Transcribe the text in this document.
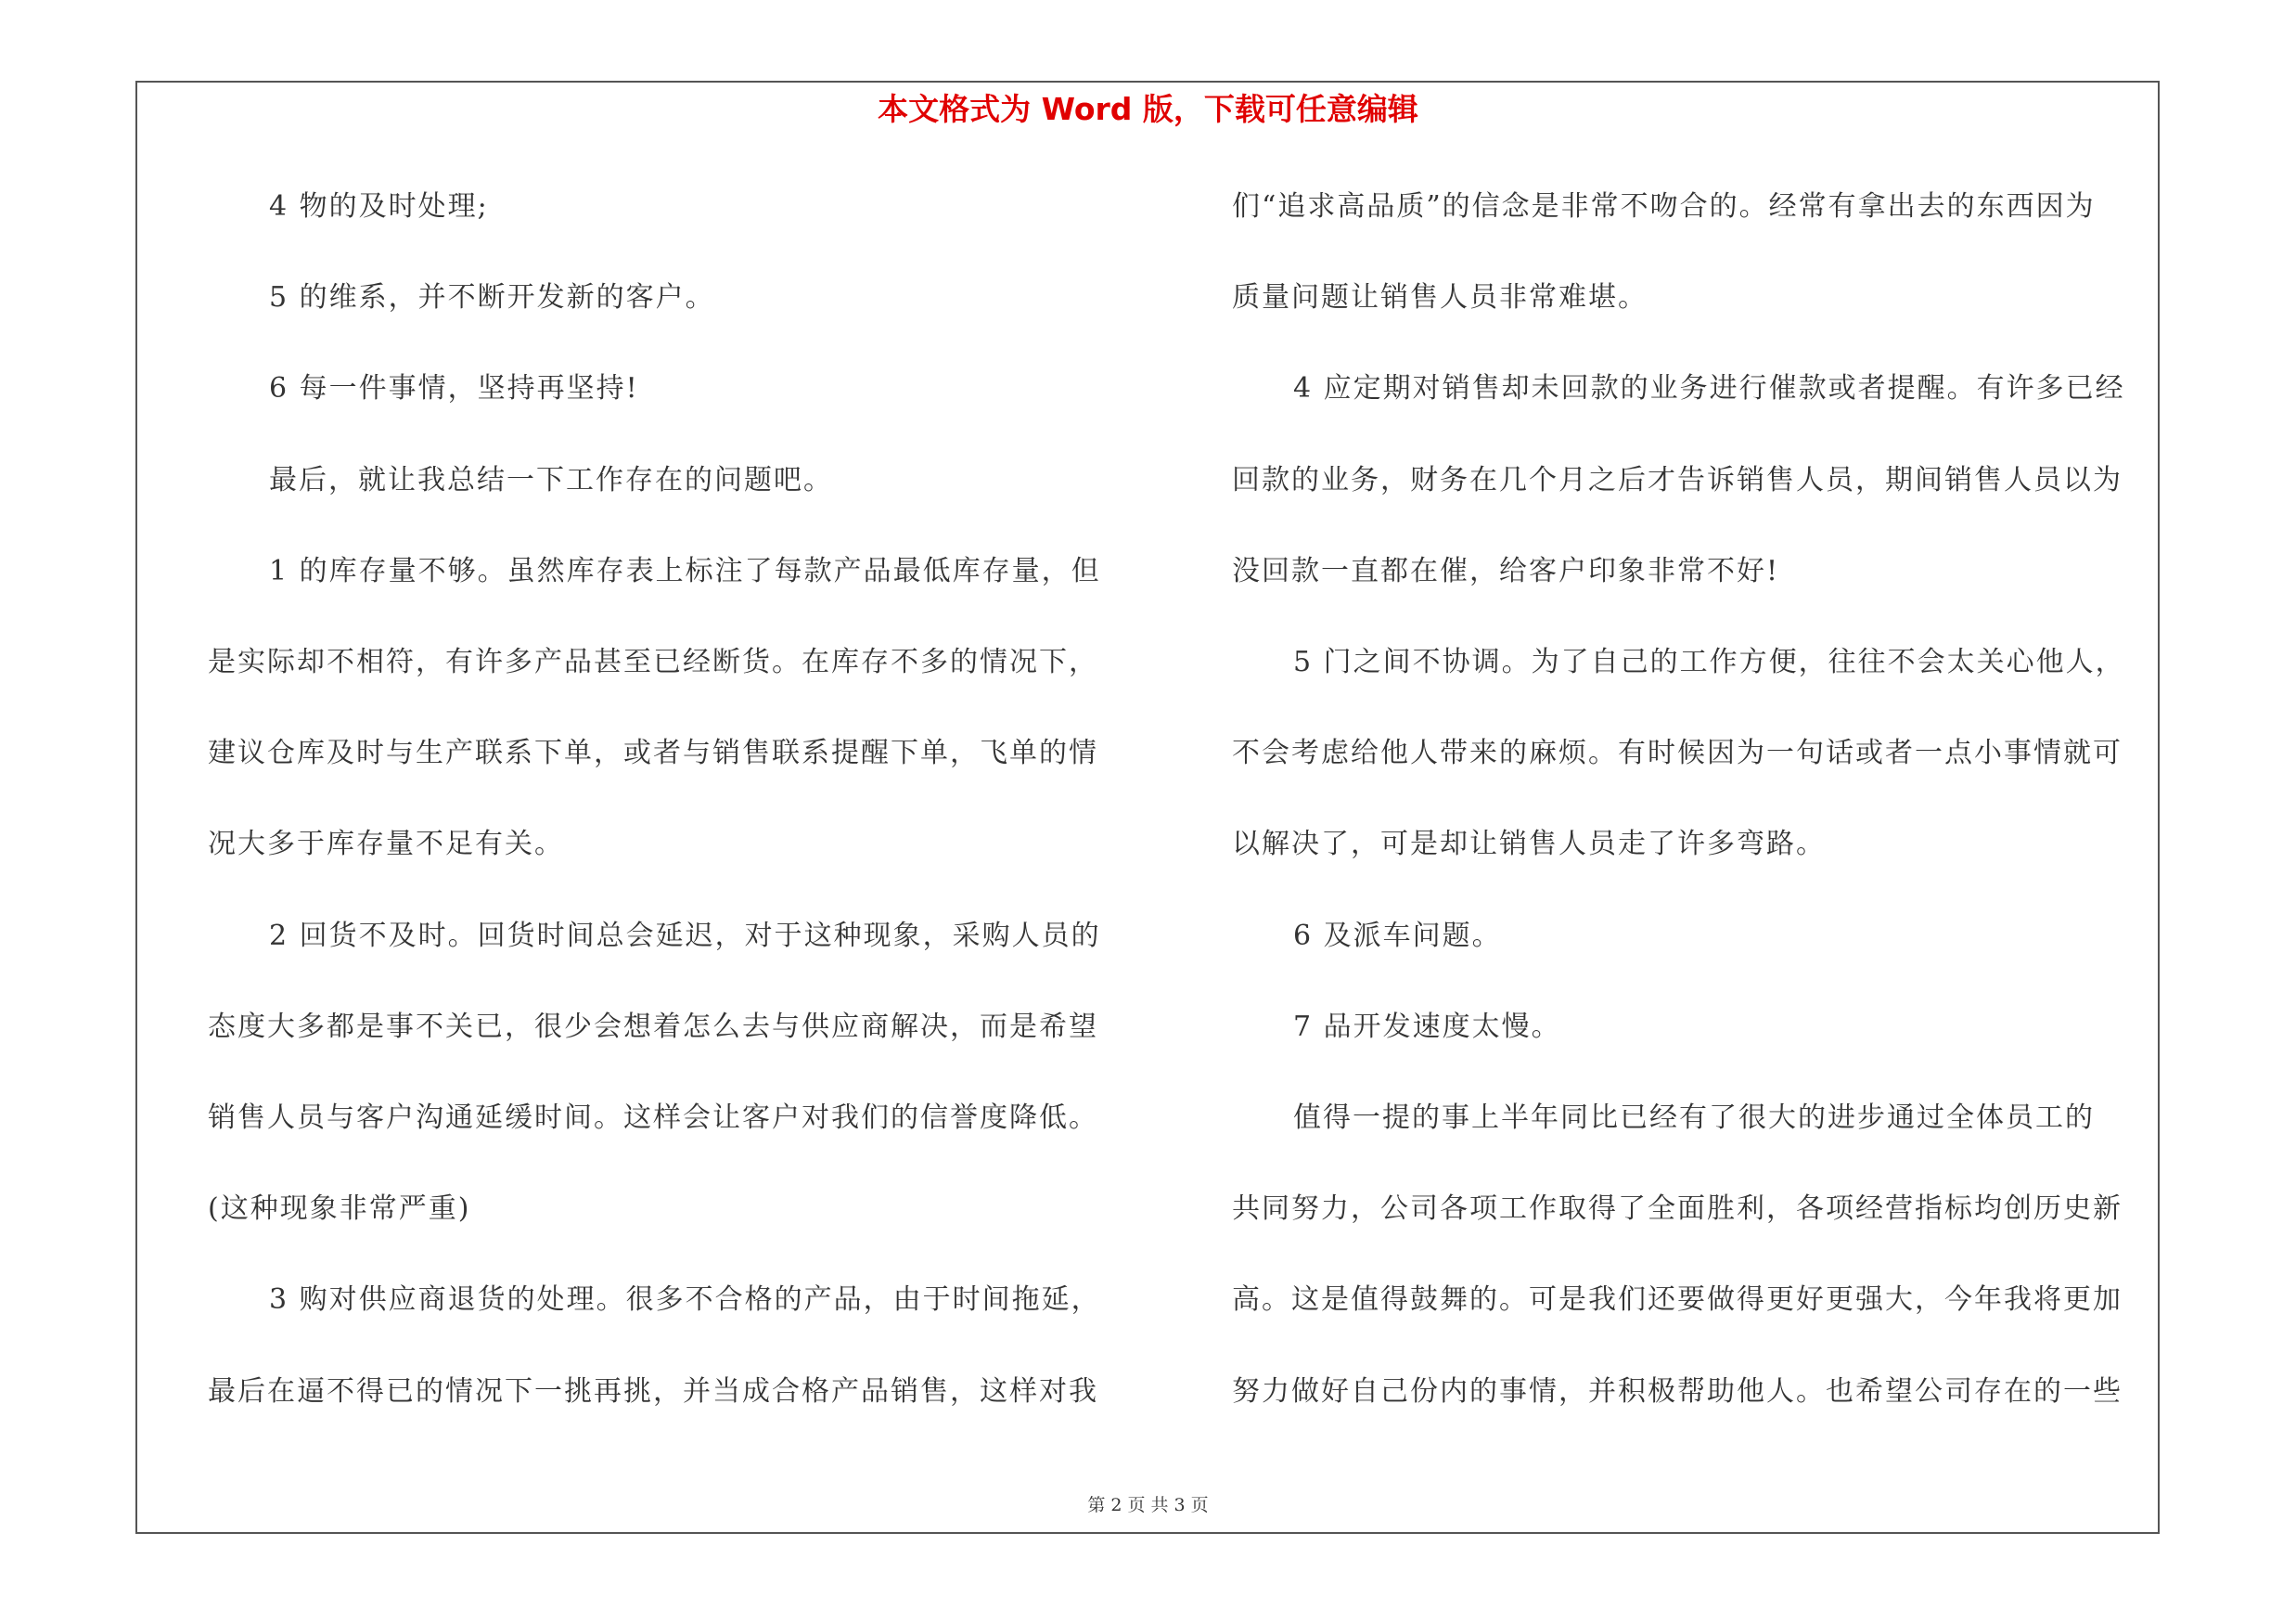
本文格式为 Word 版，下载可任意编辑
4 物的及时处理;
5 的维系，并不断开发新的客户。
6 每一件事情，坚持再坚持!
最后，就让我总结一下工作存在的问题吧。
1 的库存量不够。虽然库存表上标注了每款产品最低库存量，但
是实际却不相符，有许多产品甚至已经断货。在库存不多的情况下，
建议仓库及时与生产联系下单，或者与销售联系提醒下单，飞单的情
况大多于库存量不足有关。
2 回货不及时。回货时间总会延迟，对于这种现象，采购人员的
态度大多都是事不关已，很少会想着怎么去与供应商解决，而是希望
销售人员与客户沟通延缓时间。这样会让客户对我们的信誉度降低。
(这种现象非常严重)
3 购对供应商退货的处理。很多不合格的产品，由于时间拖延，
最后在逼不得已的情况下一挑再挑，并当成合格产品销售，这样对我
们“追求高品质”的信念是非常不吻合的。经常有拿出去的东西因为
质量问题让销售人员非常难堪。
4 应定期对销售却未回款的业务进行催款或者提醒。有许多已经
回款的业务，财务在几个月之后才告诉销售人员，期间销售人员以为
没回款一直都在催，给客户印象非常不好!
5 门之间不协调。为了自己的工作方便，往往不会太关心他人，
不会考虑给他人带来的麻烦。有时候因为一句话或者一点小事情就可
以解决了，可是却让销售人员走了许多弯路。
6 及派车问题。
7 品开发速度太慢。
值得一提的事上半年同比已经有了很大的进步通过全体员工的
共同努力，公司各项工作取得了全面胜利，各项经营指标均创历史新
高。这是值得鼓舞的。可是我们还要做得更好更强大，今年我将更加
努力做好自己份内的事情，并积极帮助他人。也希望公司存在的一些
第 2 页 共 3 页
